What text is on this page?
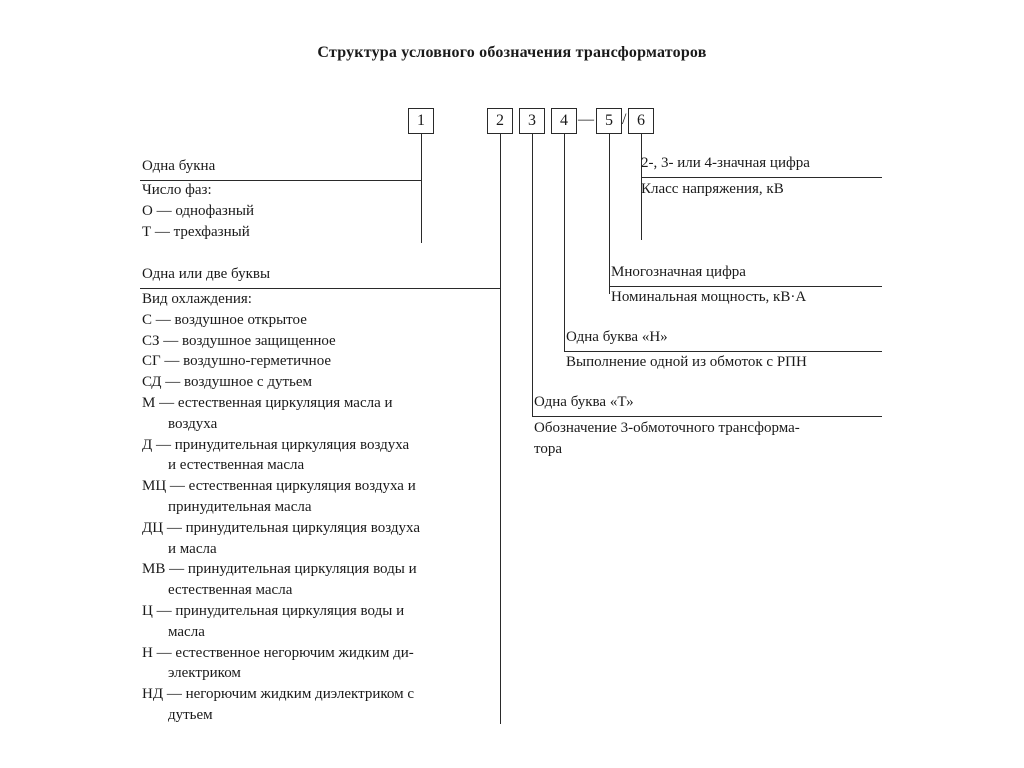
Структура условного обозначения трансформаторов
1	2	3	4 — 5 / 6
Одна букна
Число фаз:
О — однофазный
Т — трехфазный
Одна или две буквы
Вид охлаждения:
С — воздушное открытое
СЗ — воздушное защищенное
СГ — воздушно-герметичное
СД — воздушное с дутьем
М — естественная циркуляция масла и
воздуха
Д — принудительная циркуляция воздуха
и естественная масла
МЦ — естественная циркуляция воздуха и
принудительная масла
ДЦ — принудительная циркуляция воздуха
и масла
МВ — принудительная циркуляция воды и
естественная масла
Ц — принудительная циркуляция воды и
масла
Н — естественное негорючим жидким ди-
электриком
НД — негорючим жидким диэлектриком с
дутьем
Одна буква «Т»
Обозначение 3-обмоточного трансформа-
тора
Одна буква «Н»
Выполнение одной из обмоток с РПН
Многозначная цифра
Номинальная мощность, кВ·А
2-, 3- или 4-значная цифра
Класс напряжения, кВ
